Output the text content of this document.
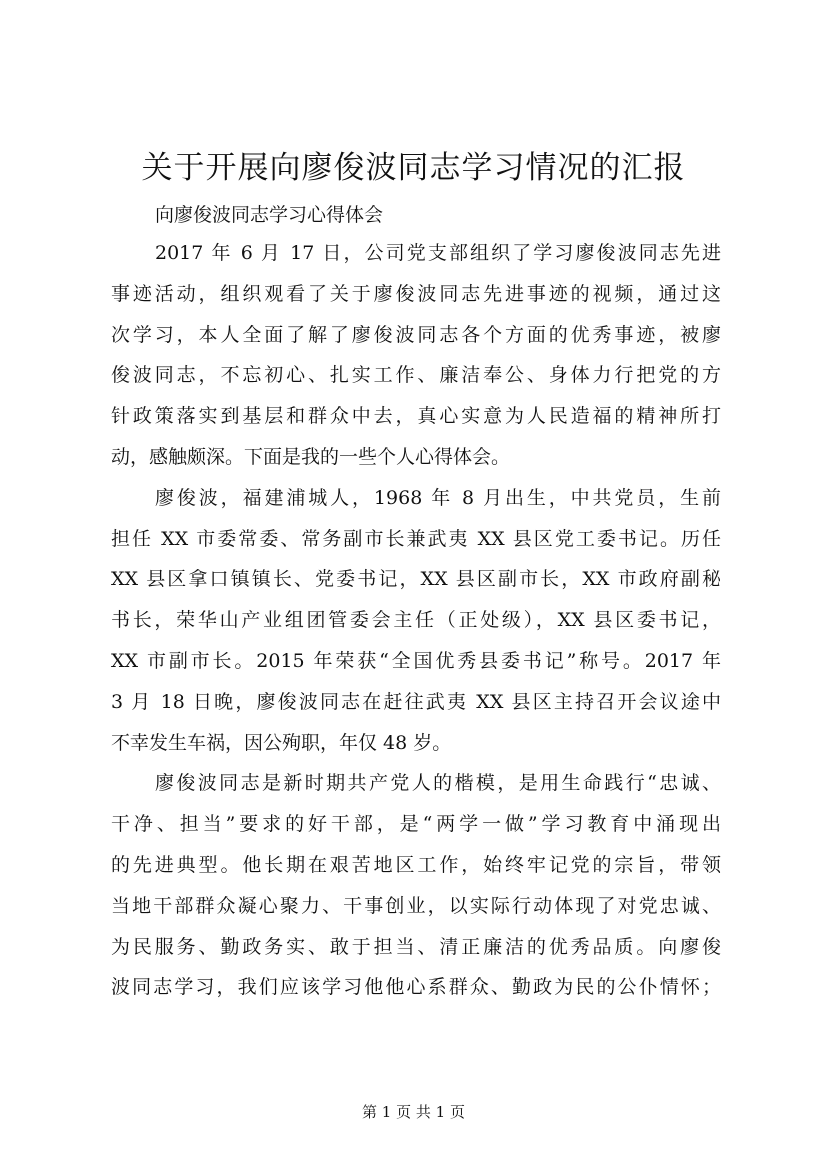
关于开展向廖俊波同志学习情况的汇报

向廖俊波同志学习心得体会

2017 年 6 月 17 日，公司党支部组织了学习廖俊波同志先进
事迹活动，组织观看了关于廖俊波同志先进事迹的视频，通过这
次学习，本人全面了解了廖俊波同志各个方面的优秀事迹，被廖
俊波同志，不忘初心、扎实工作、廉洁奉公、身体力行把党的方
针政策落实到基层和群众中去，真心实意为人民造福的精神所打
动，感触颇深。下面是我的一些个人心得体会。
廖俊波，福建浦城人，1968 年 8 月出生，中共党员，生前
担任 XX 市委常委、常务副市长兼武夷 XX 县区党工委书记。历任
XX 县区拿口镇镇长、党委书记，XX 县区副市长，XX 市政府副秘
书长，荣华山产业组团管委会主任（正处级），XX 县区委书记，
XX 市副市长。2015 年荣获“全国优秀县委书记”称号。2017 年
3 月 18 日晚，廖俊波同志在赶往武夷 XX 县区主持召开会议途中
不幸发生车祸，因公殉职，年仅 48 岁。
廖俊波同志是新时期共产党人的楷模，是用生命践行“忠诚、
干净、担当”要求的好干部，是“两学一做”学习教育中涌现出
的先进典型。他长期在艰苦地区工作，始终牢记党的宗旨，带领
当地干部群众凝心聚力、干事创业，以实际行动体现了对党忠诚、
为民服务、勤政务实、敢于担当、清正廉洁的优秀品质。向廖俊
波同志学习，我们应该学习他他心系群众、勤政为民的公仆情怀；
第 1 页 共 1 页
